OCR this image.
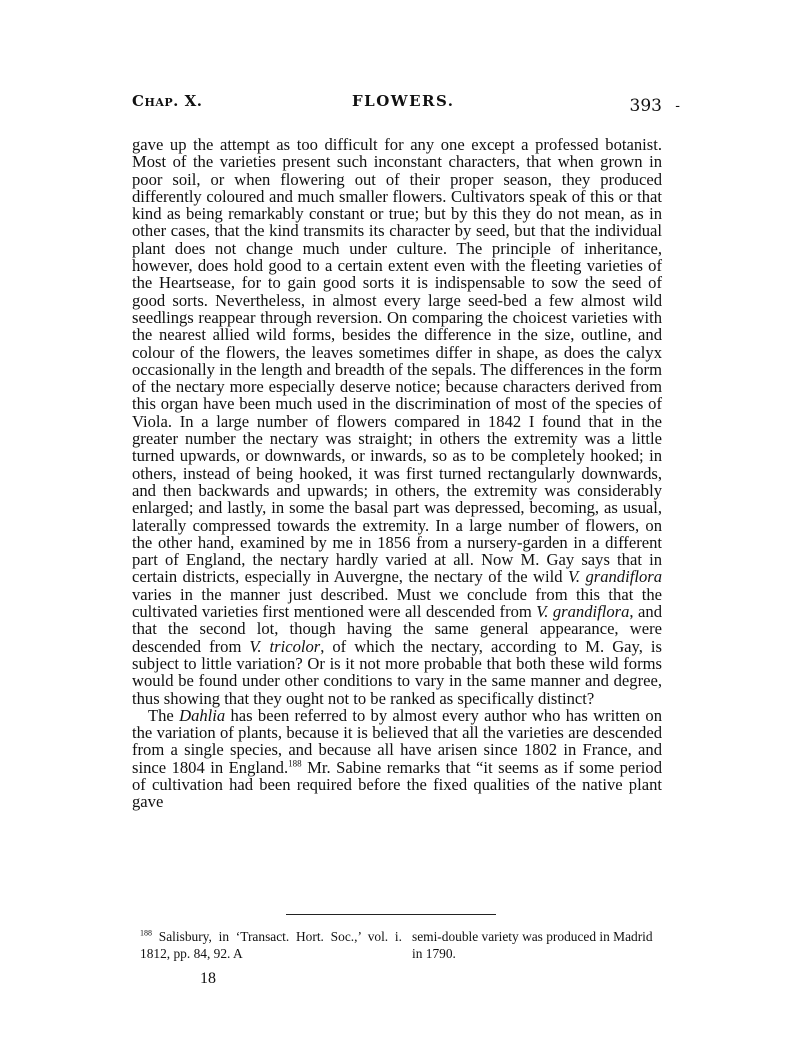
Chap. X.	FLOWERS.	393 -

gave up the attempt as too difficult for any one except a professed botanist. Most of the varieties present such inconstant characters, that when grown in poor soil, or when flowering out of their proper season, they produced differently coloured and much smaller flowers. Cultivators speak of this or that kind as being remarkably constant or true; but by this they do not mean, as in other cases, that the kind transmits its character by seed, but that the individual plant does not change much under culture. The principle of inheritance, however, does hold good to a certain extent even with the fleeting varieties of the Heartsease, for to gain good sorts it is indispensable to sow the seed of good sorts. Nevertheless, in almost every large seed-bed a few almost wild seedlings reappear through reversion. On comparing the choicest varieties with the nearest allied wild forms, besides the difference in the size, outline, and colour of the flowers, the leaves sometimes differ in shape, as does the calyx occasionally in the length and breadth of the sepals. The differences in the form of the nectary more especially deserve notice; because characters derived from this organ have been much used in the discrimination of most of the species of Viola. In a large number of flowers compared in 1842 I found that in the greater number the nectary was straight; in others the extremity was a little turned upwards, or downwards, or inwards, so as to be completely hooked; in others, instead of being hooked, it was first turned rectangularly downwards, and then backwards and upwards; in others, the extremity was considerably enlarged; and lastly, in some the basal part was depressed, becoming, as usual, laterally compressed towards the extremity. In a large number of flowers, on the other hand, examined by me in 1856 from a nursery-garden in a different part of England, the nectary hardly varied at all. Now M. Gay says that in certain districts, especially in Auvergne, the nectary of the wild V. grandiflora varies in the manner just described. Must we conclude from this that the cultivated varieties first mentioned were all descended from V. grandiflora, and that the second lot, though having the same general appearance, were descended from V. tricolor, of which the nectary, according to M. Gay, is subject to little variation? Or is it not more probable that both these wild forms would be found under other conditions to vary in the same manner and degree, thus showing that they ought not to be ranked as specifically distinct?

The Dahlia has been referred to by almost every author who has written on the variation of plants, because it is believed that all the varieties are descended from a single species, and because all have arisen since 1802 in France, and since 1804 in England.$^{188}$ Mr. Sabine remarks that “it seems as if some period of cultivation had been required before the fixed qualities of the native plant gave

$^{188}$ Salisbury, in ‘Transact. Hort. Soc.,’ vol. i. 1812, pp. 84, 92. A
semi-double variety was produced in Madrid in 1790.
18
